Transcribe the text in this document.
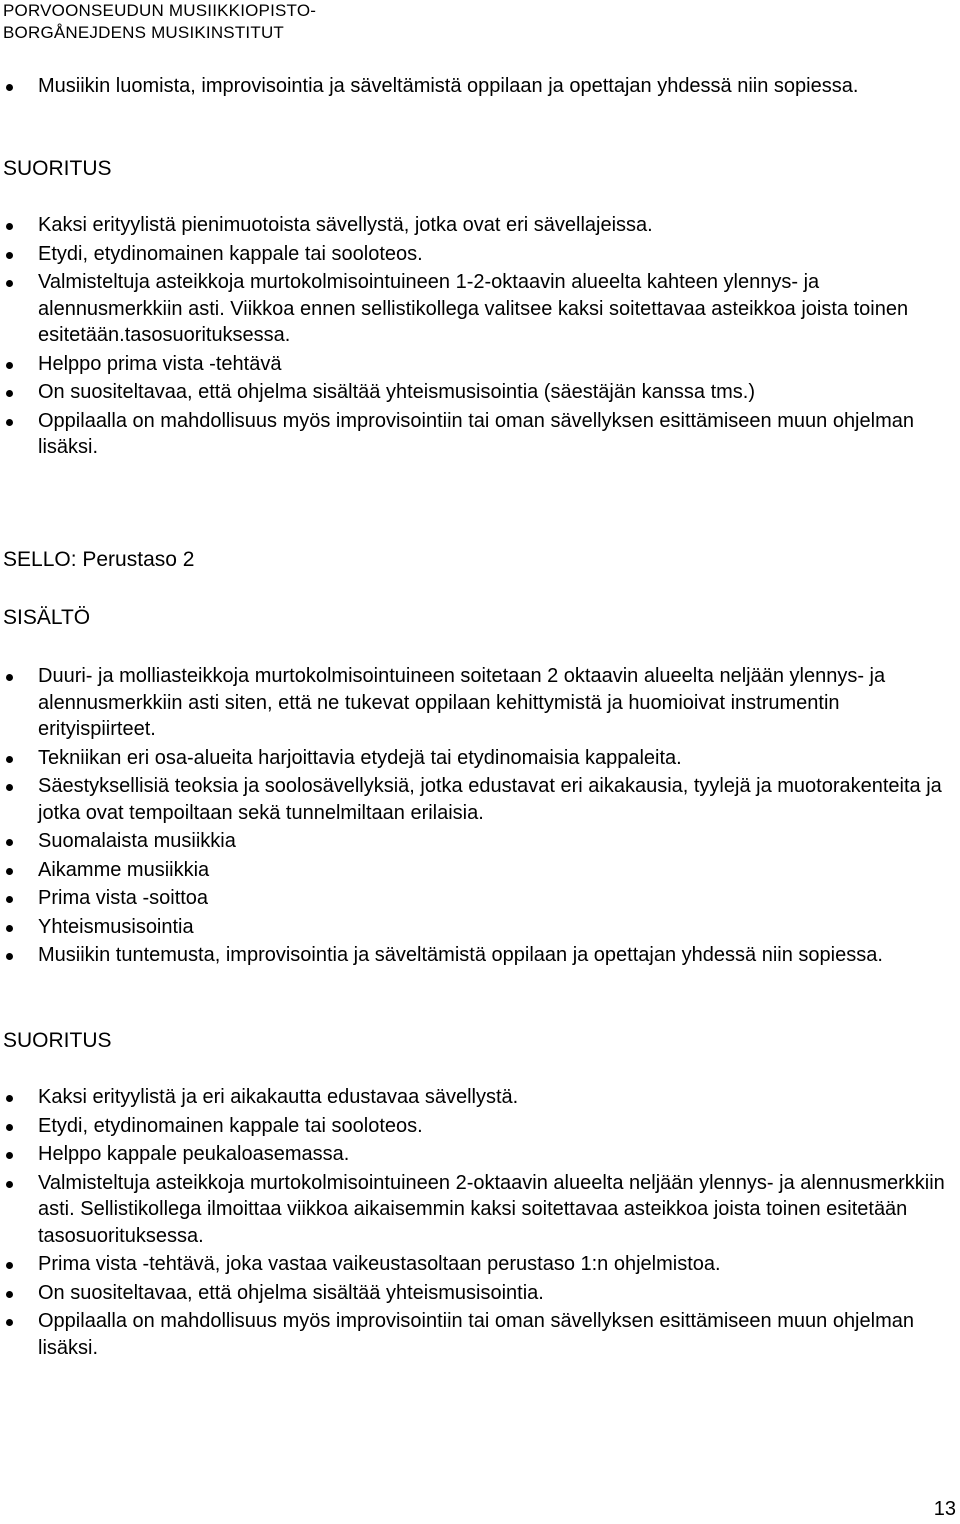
PORVOONSEUDUN MUSIIKKIOPISTO-
BORGÅNEJDENS MUSIKINSTITUT
Musiikin luomista, improvisointia ja säveltämistä oppilaan ja opettajan yhdessä niin sopiessa.
SUORITUS
Kaksi erityylistä pienimuotoista sävellystä, jotka ovat eri sävellajeissa.
Etydi, etydinomainen kappale tai sooloteos.
Valmisteltuja asteikkoja murtokolmisointuineen 1-2-oktaavin alueelta kahteen ylennys- ja alennusmerkkiin asti. Viikkoa ennen sellistikollega valitsee kaksi soitettavaa asteikkoa joista toinen esitetään.tasosuorituksessa.
Helppo prima vista -tehtävä
On suositeltavaa, että ohjelma sisältää yhteismusisointia (säestäjän kanssa tms.)
Oppilaalla on mahdollisuus myös improvisointiin tai oman sävellyksen esittämiseen muun ohjelman lisäksi.
SELLO: Perustaso 2
SISÄLTÖ
Duuri- ja molliasteikkoja murtokolmisointuineen soitetaan 2 oktaavin alueelta neljään ylennys- ja alennusmerkkiin asti siten, että ne tukevat oppilaan kehittymistä ja huomioivat instrumentin erityispiirteet.
Tekniikan eri osa-alueita harjoittavia etydejä tai etydinomaisia kappaleita.
Säestyksellisiä teoksia ja soolosävellyksiä, jotka edustavat eri aikakausia, tyylejä ja muotorakenteita ja jotka ovat tempoiltaan sekä tunnelmiltaan erilaisia.
Suomalaista musiikkia
Aikamme musiikkia
Prima vista -soittoa
Yhteismusisointia
Musiikin tuntemusta, improvisointia ja säveltämistä oppilaan ja opettajan yhdessä niin sopiessa.
SUORITUS
Kaksi erityylistä ja eri aikakautta edustavaa sävellystä.
Etydi, etydinomainen kappale tai sooloteos.
Helppo kappale peukaloasemassa.
Valmisteltuja asteikkoja murtokolmisointuineen 2-oktaavin alueelta neljään ylennys- ja alennusmerkkiin asti. Sellistikollega ilmoittaa viikkoa aikaisemmin kaksi soitettavaa asteikkoa joista toinen esitetään tasosuorituksessa.
Prima vista -tehtävä, joka vastaa vaikeustasoltaan perustaso 1:n ohjelmistoa.
On suositeltavaa, että ohjelma sisältää yhteismusisointia.
Oppilaalla on mahdollisuus myös improvisointiin tai oman sävellyksen esittämiseen muun ohjelman lisäksi.
13
